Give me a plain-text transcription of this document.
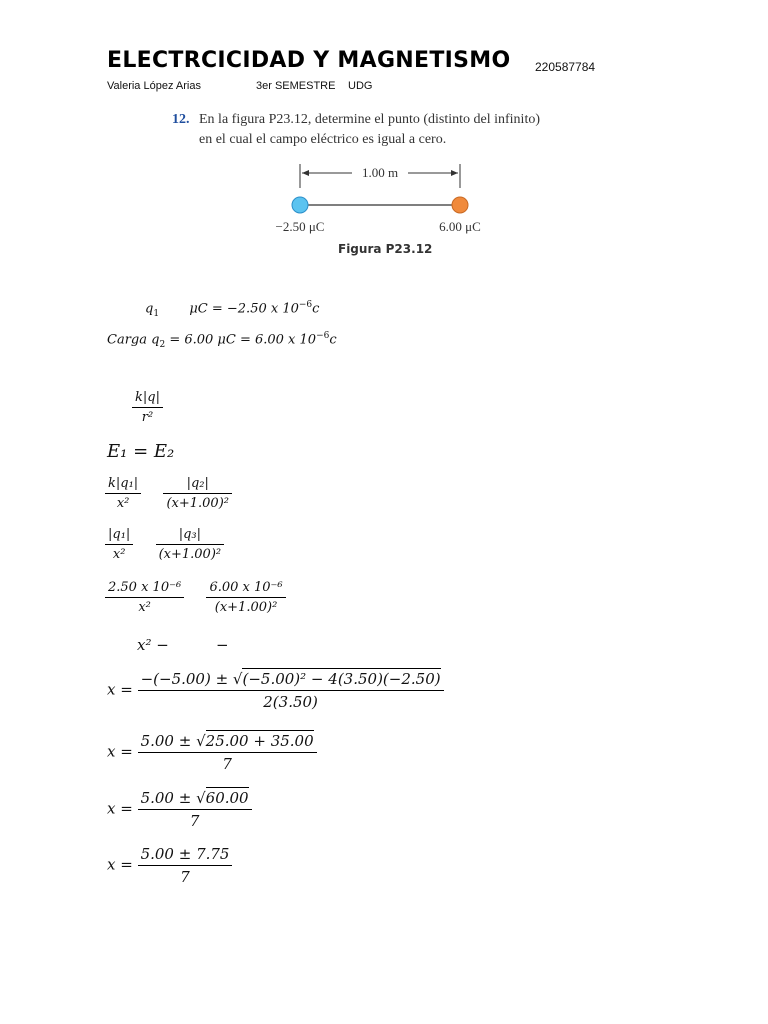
ELECTRCICIDAD Y MAGNETISMO 220587784
Valeria López Arias	3er SEMESTRE UDG
12. En la figura P23.12, determine el punto (distinto del infinito)
en el cual el campo eléctrico es igual a cero.
1.00 m
−2.50 μC	6.00 μC
Figura P23.12
$q_1$ μC = −2.50 x $10^{-6}c$
Carga $q_2 = 6.00$ μC = 6.00 x $10^{-6}c$
$\frac{k|q|}{\text{r²}}$
E₁ = E₂
$\frac{\text{k|q₁|}}{\text{x²}}$
$\frac{\text{|q₂|}}{\text{(x+1.00)²}}$
$\frac{\text{|q₁|}}{\text{x²}}$
$\frac{\text{|q₃|}}{\text{(x+1.00)²}}$
$\frac{\text{2.50 x 10⁻⁶}}{\text{x²}}$
$\frac{\text{6.00 x 10⁻⁶}}{\text{(x+1.00)²}}$
x² −	−
$x = \frac{\text{−(−5.00) ± √(−5.00)² − 4(3.50)(−2.50)}}{2(3.50)}$
$x = \frac{5.00 \pm √25.00 + 35.00}{7}$
$x = \frac{5.00 \pm √60.00}{7}$
$x = \frac{5.00 \pm 7.75}{7}$
